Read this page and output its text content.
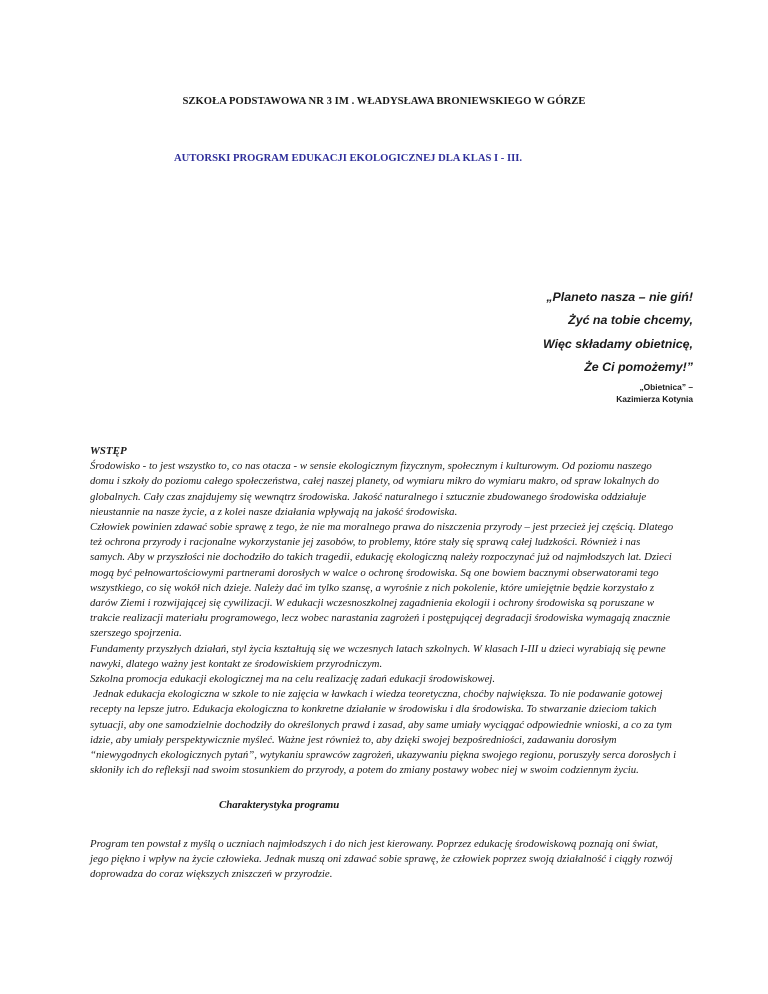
SZKOŁA PODSTAWOWA NR 3 IM . WŁADYSŁAWA BRONIEWSKIEGO W GÓRZE
AUTORSKI PROGRAM EDUKACJI EKOLOGICZNEJ DLA KLAS I - III.
„Planeto nasza – nie giń!
Żyć na tobie chcemy,
Więc składamy obietnicę,
Że Ci pomożemy!”
„Obietnica” –
Kazimierza Kotynia

WSTĘP

Środowisko - to jest wszystko to, co nas otacza - w sensie ekologicznym fizycznym, społecznym i kulturowym. Od poziomu naszego domu i szkoły do poziomu całego społeczeństwa, całej naszej planety, od wymiaru mikro do wymiaru makro, od spraw lokalnych do globalnych. Cały czas znajdujemy się wewnątrz środowiska. Jakość naturalnego i sztucznie zbudowanego środowiska oddziałuje nieustannie na nasze życie, a z kolei nasze działania wpływają na jakość środowiska.

Człowiek powinien zdawać sobie sprawę z tego, że nie ma moralnego prawa do niszczenia przyrody – jest przecież jej częścią. Dlatego też ochrona przyrody i racjonalne wykorzystanie jej zasobów, to problemy, które stały się sprawą całej ludzkości. Również i nas samych. Aby w przyszłości nie dochodziło do takich tragedii, edukację ekologiczną należy rozpoczynać już od najmłodszych lat. Dzieci mogą być pełnowartościowymi partnerami dorosłych w walce o ochronę środowiska. Są one bowiem bacznymi obserwatorami tego wszystkiego, co się wokół nich dzieje. Należy dać im tylko szansę, a wyrośnie z nich pokolenie, które umiejętnie będzie korzystało z darów Ziemi i rozwijającej się cywilizacji. W edukacji wczesnoszkolnej zagadnienia ekologii i ochrony środowiska są poruszane w trakcie realizacji materiału programowego, lecz wobec narastania zagrożeń i postępującej degradacji środowiska wymagają znacznie szerszego spojrzenia.

Fundamenty przyszłych działań, styl życia kształtują się we wczesnych latach szkolnych. W klasach I-III u dzieci wyrabiają się pewne nawyki, dlatego ważny jest kontakt ze środowiskiem przyrodniczym.

Szkolna promocja edukacji ekologicznej ma na celu realizację zadań edukacji środowiskowej.

Jednak edukacja ekologiczna w szkole to nie zajęcia w ławkach i wiedza teoretyczna, choćby największa. To nie podawanie gotowej recepty na lepsze jutro. Edukacja ekologiczna to konkretne działanie w środowisku i dla środowiska. To stwarzanie dzieciom takich sytuacji, aby one samodzielnie dochodziły do określonych prawd i zasad, aby same umiały wyciągać odpowiednie wnioski, a co za tym idzie, aby umiały perspektywicznie myśleć. Ważne jest również to, aby dzięki swojej bezpośredniości, zadawaniu dorosłym “niewygodnych ekologicznych pytań”, wytykaniu sprawców zagrożeń, ukazywaniu piękna swojego regionu, poruszyły serca dorosłych i skłoniły ich do refleksji nad swoim stosunkiem do przyrody, a potem do zmiany postawy wobec niej w swoim codziennym życiu.

Charakterystyka programu

Program ten powstał z myślą o uczniach najmłodszych i do nich jest kierowany. Poprzez edukację środowiskową poznają oni świat, jego piękno i wpływ na życie człowieka. Jednak muszą oni zdawać sobie sprawę, że człowiek poprzez swoją działalność i ciągły rozwój doprowadza do coraz większych zniszczeń w przyrodzie.
